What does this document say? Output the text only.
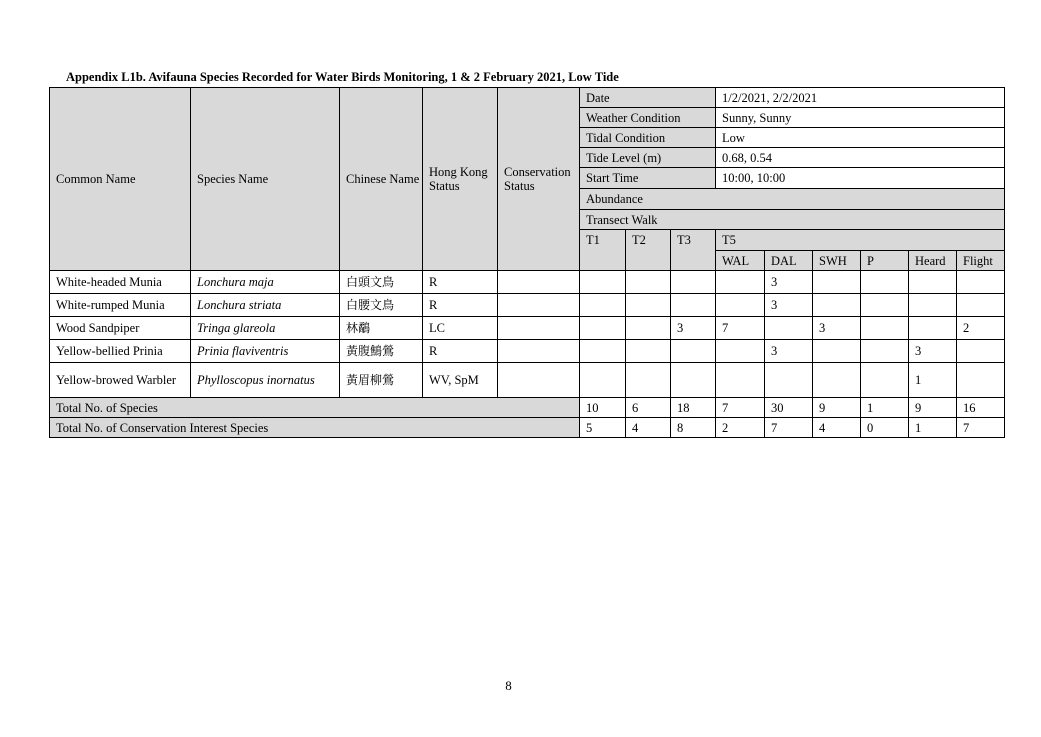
Appendix L1b. Avifauna Species Recorded for Water Birds Monitoring, 1 & 2 February 2021, Low Tide
Common Name	Species Name	Chinese Name	Hong Kong Status	Conservation Status	Date			1/2/2021, 2/2/2021					
					Weather Condition			Sunny, Sunny					
					Tidal Condition			Low					
					Tide Level (m)			0.68, 0.54					
					Start Time			10:00, 10:00					
					Abundance								
					Transect Walk								
					T1	T2	T3	T5					
								WAL	DAL	SWH	P	Heard	Flight
White-headed Munia	Lonchura maja	白頭文鳥	R						3				
White-rumped Munia	Lonchura striata	白腰文鳥	R						3				
Wood Sandpiper	Tringa glareola	林鷸	LC				3	7		3			2
Yellow-bellied Prinia	Prinia flaviventris	黃腹鷦鶯	R						3			3	
Yellow-browed Warbler	Phylloscopus inornatus	黃眉柳鶯	WV, SpM									1	
Total No. of Species					10	6	18	7	30	9	1	9	16
Total No. of Conservation Interest Species					5	4	8	2	7	4	0	1	7
8
